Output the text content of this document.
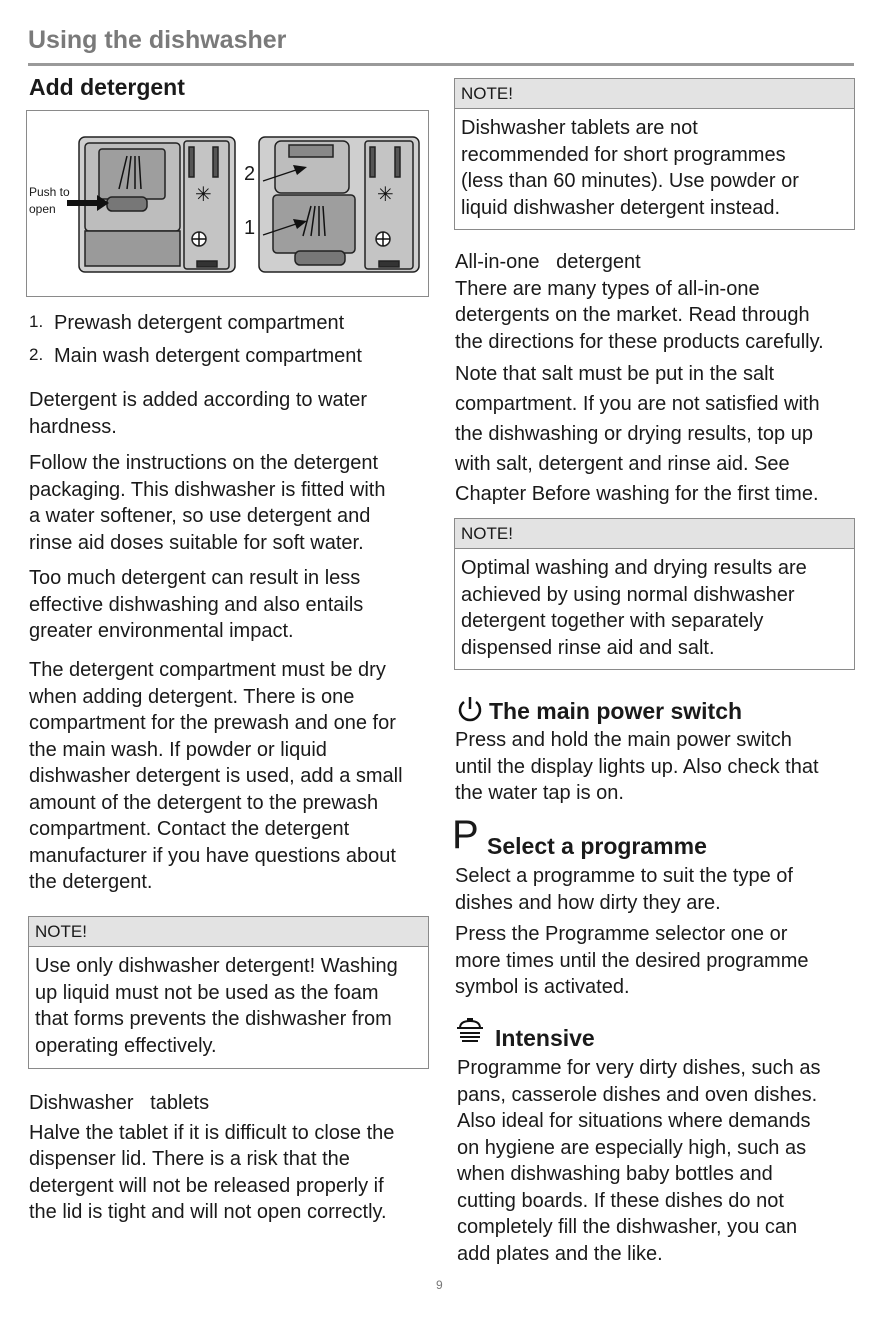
Using the dishwasher
Add detergent
✳	✳
Push to
open
2
1
1. Prewash detergent compartment
2. Main wash detergent compartment
Detergent is added according to water
hardness.
Follow the instructions on the detergent
packaging. This dishwasher is fitted with
a water softener, so use detergent and
rinse aid doses suitable for soft water.
Too much detergent can result in less
effective dishwashing and also entails
greater environmental impact.
The detergent compartment must be dry
when adding detergent. There is one
compartment for the prewash and one for
the main wash. If powder or liquid
dishwasher detergent is used, add a small
amount of the detergent to the prewash
compartment. Contact the detergent
manufacturer if you have questions about
the detergent.
NOTE!
Use only dishwasher detergent! Washing
up liquid must not be used as the foam
that forms prevents the dishwasher from
operating effectively.
Dishwasher   tablets
Halve the tablet if it is difficult to close the
dispenser lid. There is a risk that the
detergent will not be released properly if
the lid is tight and will not open correctly.
NOTE!
Dishwasher tablets are not
recommended for short programmes
(less than 60 minutes). Use powder or
liquid dishwasher detergent instead.
All-in-one   detergent
There are many types of all-in-one
detergents on the market. Read through
the directions for these products carefully.
Note that salt must be put in the salt
compartment. If you are not satisfied with
the dishwashing or drying results, top up
with salt, detergent and rinse aid. See
Chapter Before washing for the first time.
NOTE!
Optimal washing and drying results are
achieved by using normal dishwasher
detergent together with separately
dispensed rinse aid and salt.
The main power switch
Press and hold the main power switch
until the display lights up. Also check that
the water tap is on.
P Select a programme
Select a programme to suit the type of
dishes and how dirty they are.
Press the Programme selector one or
more times until the desired programme
symbol is activated.
Intensive
Programme for very dirty dishes, such as
pans, casserole dishes and oven dishes.
Also ideal for situations where demands
on hygiene are especially high, such as
when dishwashing baby bottles and
cutting boards. If these dishes do not
completely fill the dishwasher, you can
add plates and the like.
9
